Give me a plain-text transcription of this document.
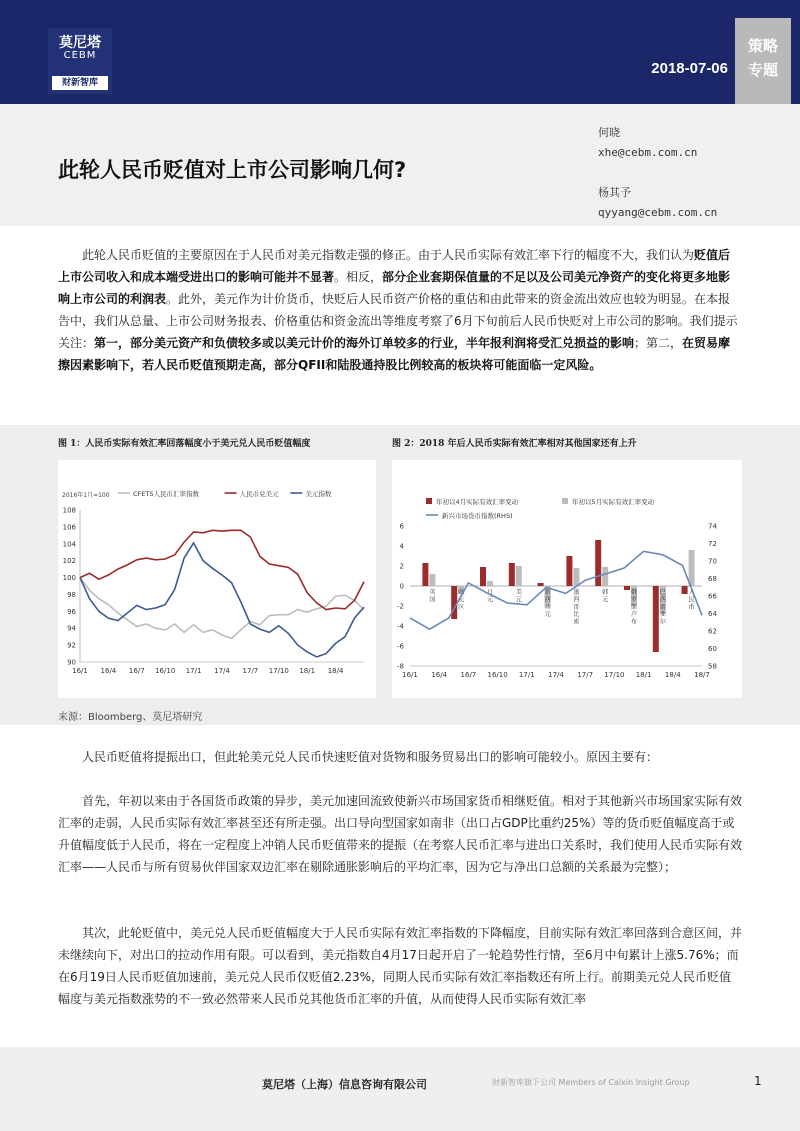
莫尼塔
CEBM
财新智库
2018-07-06
策略
专题
此轮人民币贬值对上市公司影响几何?
何晓
xhe@cebm.com.cn
杨其予
qyyang@cebm.com.cn
此轮人民币贬值的主要原因在于人民币对美元指数走强的修正。由于人民币实际有效汇率下行的幅度不大，我们认为贬值后上市公司收入和成本端受进出口的影响可能并不显著。相反，部分企业套期保值量的不足以及公司美元净资产的变化将更多地影响上市公司的利润表。此外，美元作为计价货币，快贬后人民币资产价格的重估和由此带来的资金流出效应也较为明显。在本报告中，我们从总量、上市公司财务报表、价格重估和资金流出等维度考察了6月下旬前后人民币快贬对上市公司的影响。我们提示关注：第一，部分美元资产和负债较多或以美元计价的海外订单较多的行业，半年报利润将受汇兑损益的影响；第二，在贸易摩擦因素影响下，若人民币贬值预期走高，部分QFII和陆股通持股比例较高的板块将可能面临一定风险。
图 1：人民币实际有效汇率回落幅度小于美元兑人民币贬值幅度	图 2：2018 年后人民币实际有效汇率相对其他国家还有上升
2016年1月=100	CFETS人民币汇率指数	人民币兑美元	美元指数
90
92
94
96
98
100
102
104
106
108
16/1 16/4 16/7 16/10 17/1 17/4 17/7 17/10 18/1 18/4
年初以4月实际有效汇率变动	年初以5月实际有效汇率变动
新兴市场货币指数(RHS)
-8
-6
-4
-2
0
2
4
6
58
60
62
64
66
68
70
72
74
16/1 16/4 16/7 16/10 17/1 17/4 17/7 17/10 18/1 18/4 18/7
英国
欧元区
日元
美元
新西兰元
墨西哥比索
韩元
俄罗斯卢布
巴西雷亚尔
人民币
来源：Bloomberg、莫尼塔研究
人民币贬值将提振出口，但此轮美元兑人民币快速贬值对货物和服务贸易出口的影响可能较小。原因主要有：
首先，年初以来由于各国货币政策的异步，美元加速回流致使新兴市场国家货币相继贬值。相对于其他新兴市场国家实际有效汇率的走弱，人民币实际有效汇率甚至还有所走强。出口导向型国家如南非（出口占GDP比重约25%）等的货币贬值幅度高于或升值幅度低于人民币，将在一定程度上冲销人民币贬值带来的提振（在考察人民币汇率与进出口关系时，我们使用人民币实际有效汇率——人民币与所有贸易伙伴国家双边汇率在剔除通胀影响后的平均汇率，因为它与净出口总额的关系最为完整）；
其次，此轮贬值中，美元兑人民币贬值幅度大于人民币实际有效汇率指数的下降幅度，目前实际有效汇率回落到合意区间，并未继续向下，对出口的拉动作用有限。可以看到，美元指数自4月17日起开启了一轮趋势性行情，至6月中旬累计上涨5.76%；而在6月19日人民币贬值加速前，美元兑人民币仅贬值2.23%，同期人民币实际有效汇率指数还有所上行。前期美元兑人民币贬值幅度与美元指数涨势的不一致必然带来人民币兑其他货币汇率的升值，从而使得人民币实际有效汇率
莫尼塔（上海）信息咨询有限公司	财新智库旗下公司 Members of Caixin Insight Group	1
